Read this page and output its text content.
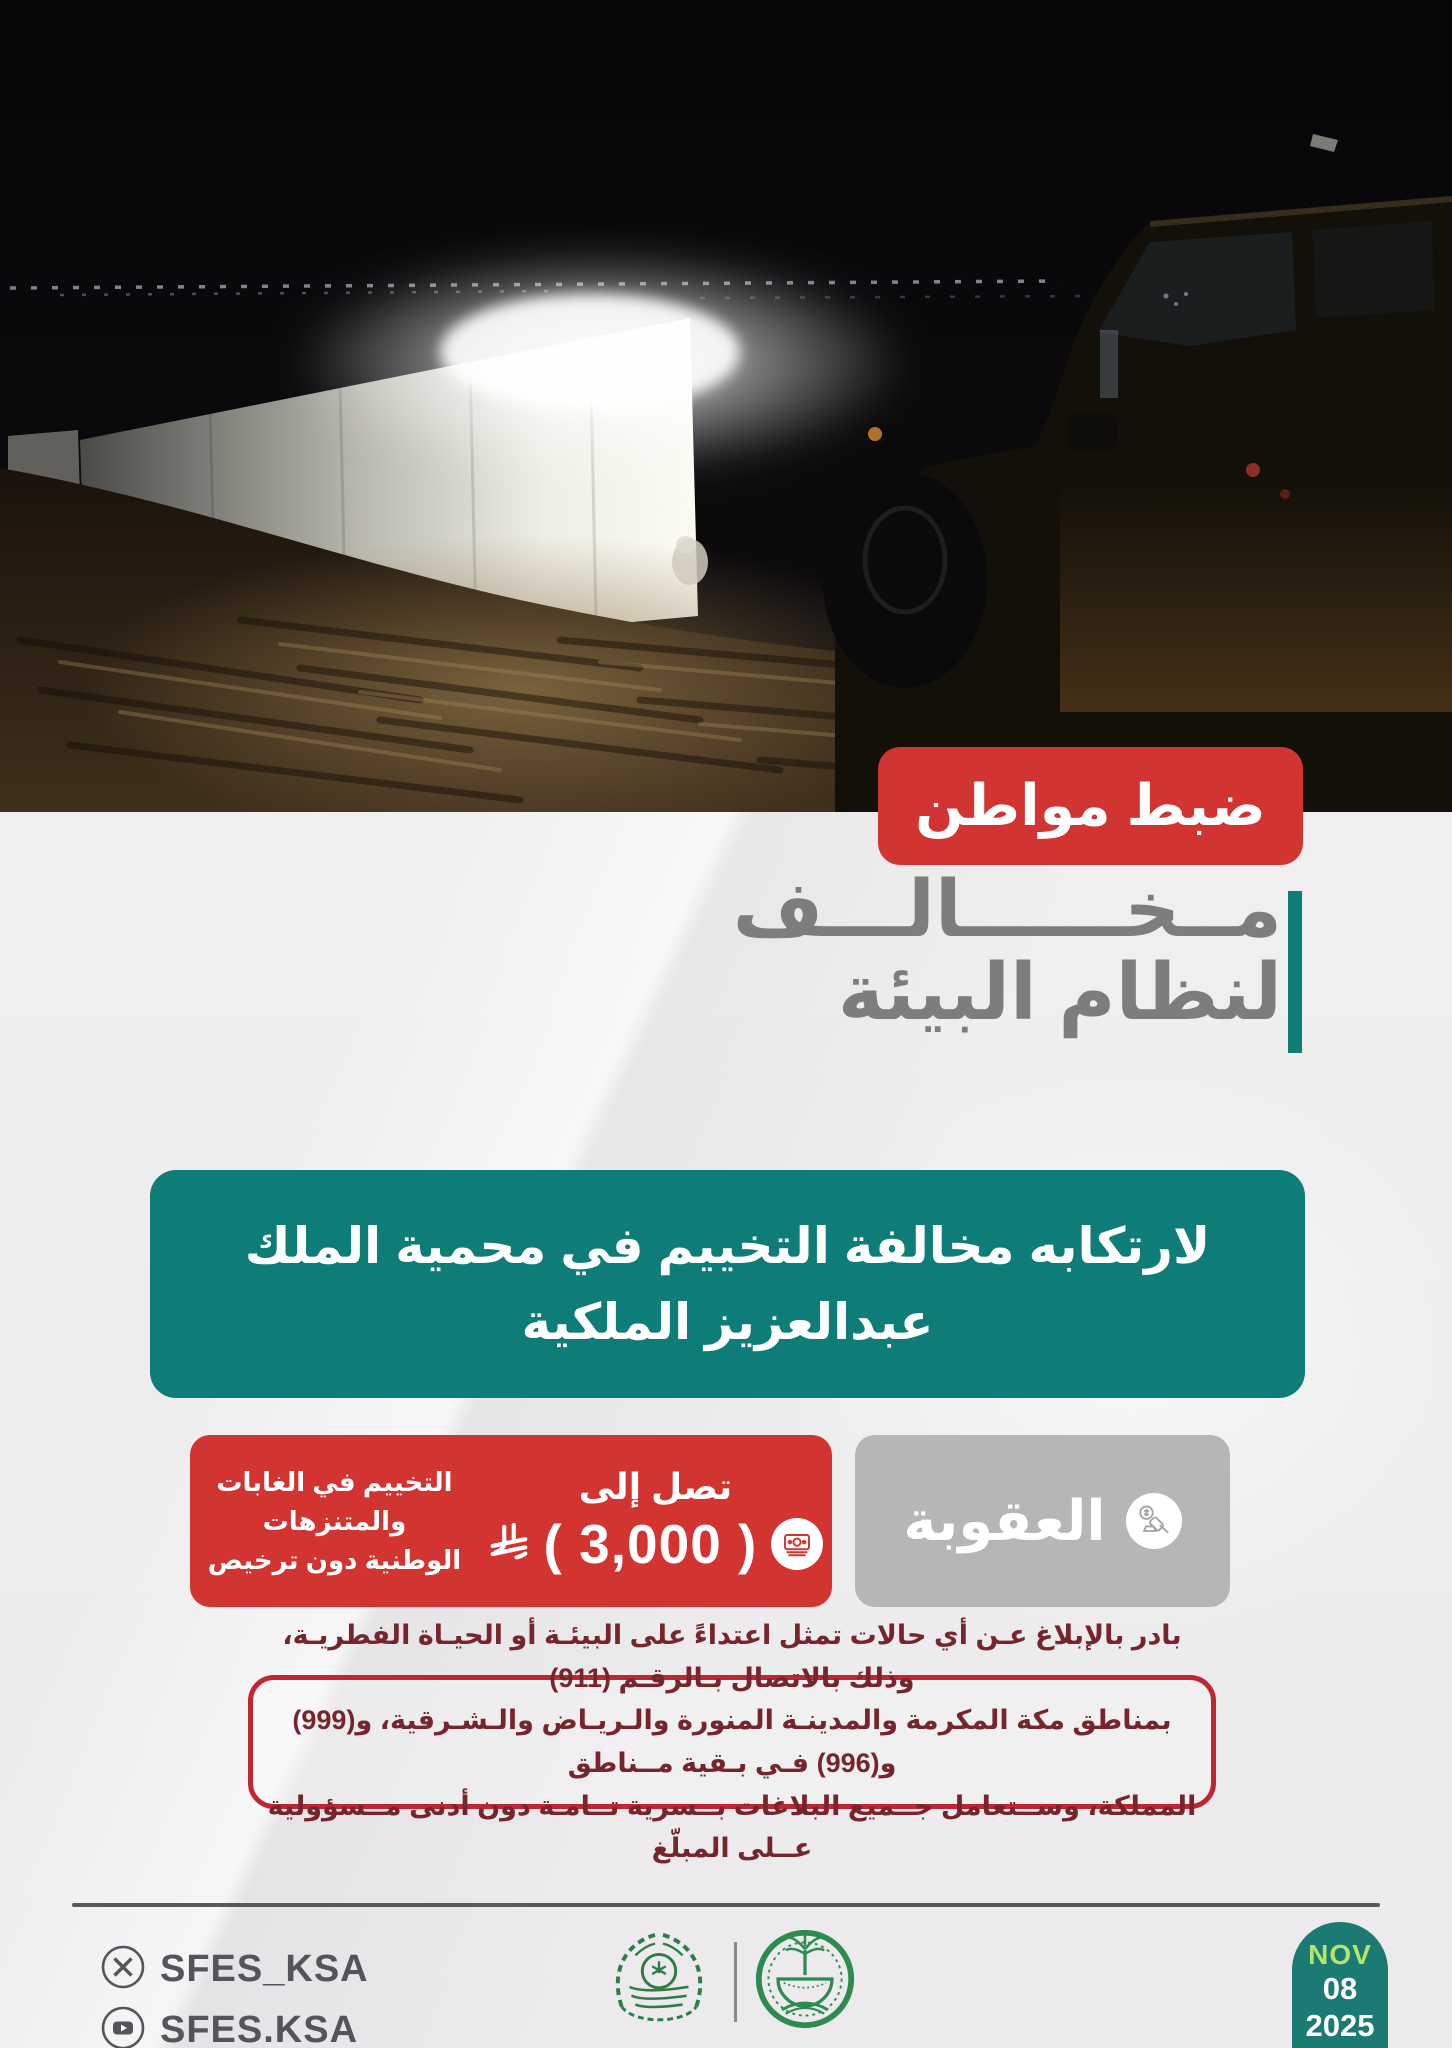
ضبط مواطن
مــخــــــالـــف
لنظام البيئة
لارتكابه مخالفة التخييم في محمية الملك
عبدالعزيز الملكية
تصل إلى
( 3,000 )
التخييم في الغابات والمتنزهات
الوطنية دون ترخيص
العقوبة
بادر بالإبلاغ عـن أي حالات تمثل اعتداءً على البيئـة أو الحيـاة الفطريـة، وذلك بالاتصال بـالرقـم (911)
بمناطق مكة المكرمة والمدينـة المنورة والـريـاض والـشـرقية، و(999) و(996) فـي بـقية مــناطق
المملكة، وســتعامل جــميع البلاغات بــسرية تــامـة دون أدنى مــسؤولية عــلى المبلّغ
SFES_KSA
SFES.KSA
NOV
08
2025
